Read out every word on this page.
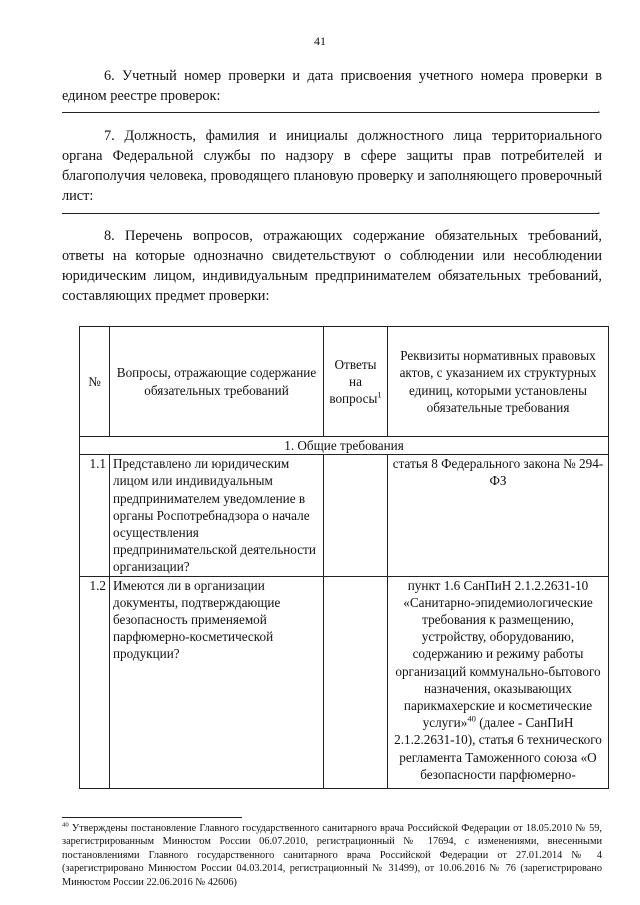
41
6. Учетный номер проверки и дата присвоения учетного номера проверки в едином реестре проверок:
.
7. Должность, фамилия и инициалы должностного лица территориального органа Федеральной службы по надзору в сфере защиты прав потребителей и благополучия человека, проводящего плановую проверку и заполняющего проверочный лист:
.
8. Перечень вопросов, отражающих содержание обязательных требований, ответы на которые однозначно свидетельствуют о соблюдении или несоблюдении юридическим лицом, индивидуальным предпринимателем обязательных требований, составляющих предмет проверки:
№	Вопросы, отражающие содержание обязательных требований	Ответы на вопросы$^1$	Реквизиты нормативных правовых актов, с указанием их структурных единиц, которыми установлены обязательные требования
1. Общие требования			
1.1	Представлено ли юридическим лицом или индивидуальным предпринимателем уведомление в органы Роспотребнадзора о начале осуществления предпринимательской деятельности организации?		статья 8 Федерального закона № 294-ФЗ
1.2	Имеются ли в организации документы, подтверждающие безопасность применяемой парфюмерно-косметической продукции?		пункт 1.6 СанПиН 2.1.2.2631-10 «Санитарно-эпидемиологические требования к размещению, устройству, оборудованию, содержанию и режиму работы организаций коммунально-бытового назначения, оказывающих парикмахерские и косметические услуги»$^{40}$ (далее - СанПиН 2.1.2.2631-10), статья 6 технического регламента Таможенного союза «О безопасности парфюмерно-
$^{40}$ Утверждены постановление Главного государственного санитарного врача Российской Федерации от 18.05.2010 № 59, зарегистрированным Минюстом России 06.07.2010, регистрационный № 17694, с изменениями, внесенными постановлениями Главного государственного санитарного врача Российской Федерации от 27.01.2014 № 4 (зарегистрировано Минюстом России 04.03.2014, регистрационный № 31499), от 10.06.2016 № 76 (зарегистрировано Минюстом России 22.06.2016 № 42606)
